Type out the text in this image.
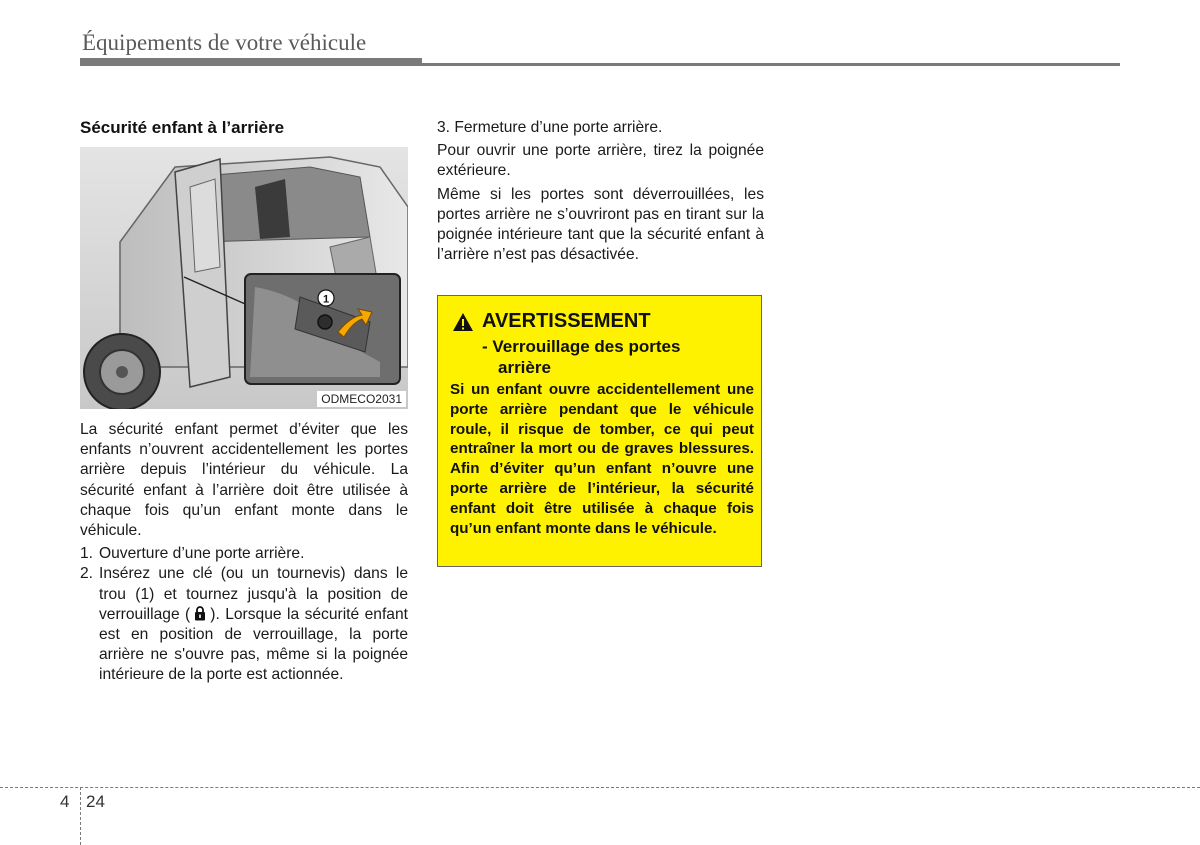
Équipements de votre véhicule
Sécurité enfant à l’arrière
1
ODMECO2031

La sécurité enfant permet d’éviter que les enfants n’ouvrent accidentellement les portes arrière depuis l’intérieur du véhicule. La sécurité enfant à l’arrière doit être utilisée à chaque fois qu’un enfant monte dans le véhicule.

1. Ouverture d’une porte arrière.
2. Insérez une clé (ou un tournevis) dans le trou (1) et tournez jusqu'à la position de verrouillage ( ). Lorsque la sécurité enfant est en position de verrouillage, la porte arrière ne s'ouvre pas, même si la poignée intérieure de la porte est actionnée.

3. Fermeture d’une porte arrière.

Pour ouvrir une porte arrière, tirez la poignée extérieure.

Même si les portes sont déverrouillées, les portes arrière ne s’ouvriront pas en tirant sur la poignée intérieure tant que la sécurité enfant à l’arrière n’est pas désactivée.

AVERTISSEMENT
- Verrouillage des portes
arrière
Si un enfant ouvre accidentellement une porte arrière pendant que le véhicule roule, il risque de tomber, ce qui peut entraîner la mort ou de graves blessures. Afin d’éviter qu’un enfant n’ouvre une porte arrière de l’intérieur, la sécurité enfant doit être utilisée à chaque fois qu’un enfant monte dans le véhicule.
4 24
